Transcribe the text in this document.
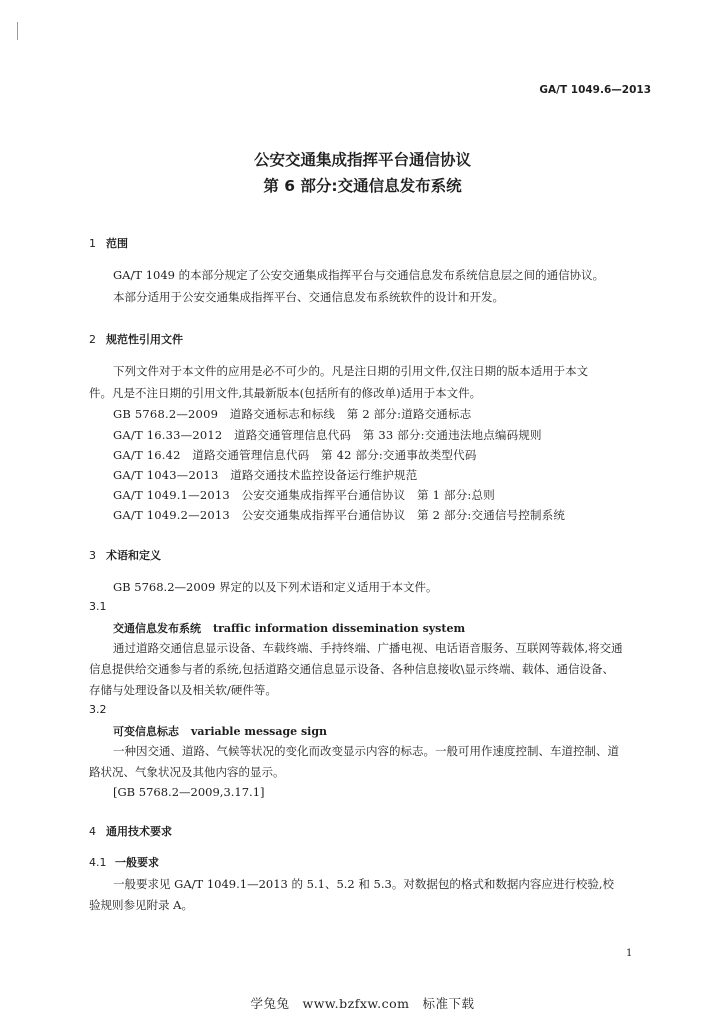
GA/T 1049.6—2013
公安交通集成指挥平台通信协议
第 6 部分:交通信息发布系统
1 范围
GA/T 1049 的本部分规定了公安交通集成指挥平台与交通信息发布系统信息层之间的通信协议。
本部分适用于公安交通集成指挥平台、交通信息发布系统软件的设计和开发。
2 规范性引用文件
下列文件对于本文件的应用是必不可少的。凡是注日期的引用文件,仅注日期的版本适用于本文
件。凡是不注日期的引用文件,其最新版本(包括所有的修改单)适用于本文件。
GB 5768.2—2009　道路交通标志和标线　第 2 部分:道路交通标志
GA/T 16.33—2012　道路交通管理信息代码　第 33 部分:交通违法地点编码规则
GA/T 16.42　道路交通管理信息代码　第 42 部分:交通事故类型代码
GA/T 1043—2013　道路交通技术监控设备运行维护规范
GA/T 1049.1—2013　公安交通集成指挥平台通信协议　第 1 部分:总则
GA/T 1049.2—2013　公安交通集成指挥平台通信协议　第 2 部分:交通信号控制系统
3 术语和定义
GB 5768.2—2009 界定的以及下列术语和定义适用于本文件。
3.1
交通信息发布系统 traffic information dissemination system
通过道路交通信息显示设备、车载终端、手持终端、广播电视、电话语音服务、互联网等载体,将交通
信息提供给交通参与者的系统,包括道路交通信息显示设备、各种信息接收\显示终端、载体、通信设备、
存储与处理设备以及相关软/硬件等。
3.2
可变信息标志 variable message sign
一种因交通、道路、气候等状况的变化而改变显示内容的标志。一般可用作速度控制、车道控制、道
路状况、气象状况及其他内容的显示。
[GB 5768.2—2009,3.17.1]
4 通用技术要求
4.1 一般要求
一般要求见 GA/T 1049.1—2013 的 5.1、5.2 和 5.3。对数据包的格式和数据内容应进行校验,校
验规则参见附录 A。
1
学兔兔　www.bzfxw.com　标准下载
